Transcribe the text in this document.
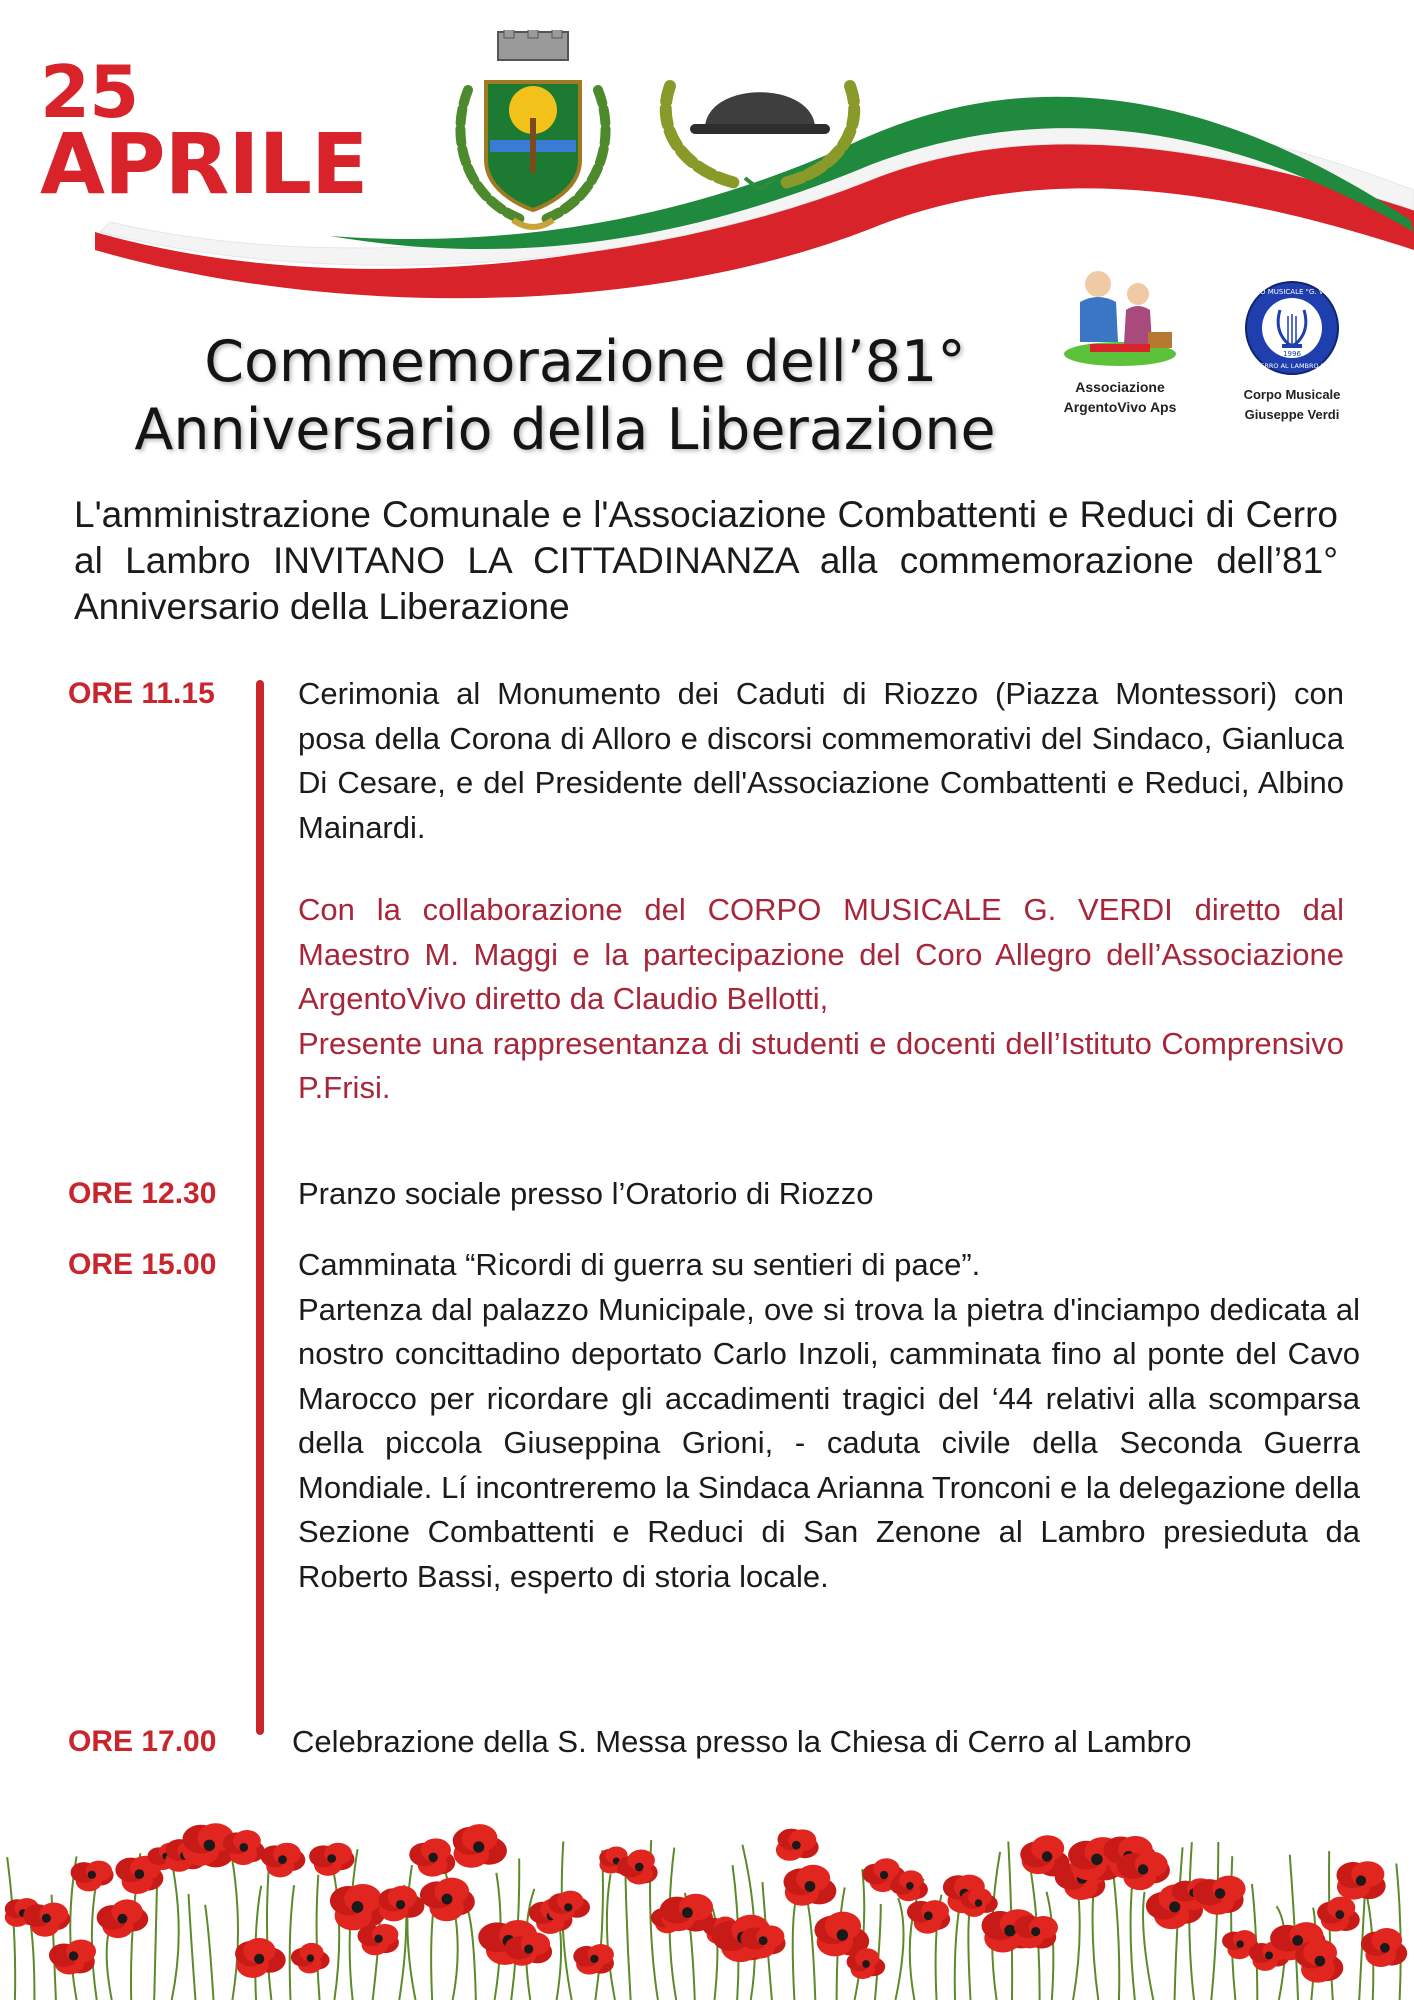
25
APRILE
Associazione
ArgentoVivo Aps
CORPO MUSICALE "G. VERDI"
1996
CERRO AL LAMBRO MI
Corpo Musicale
Giuseppe Verdi
Commemorazione dell’81°
Anniversario della Liberazione

L'amministrazione Comunale e l'Associazione Combattenti e Reduci di Cerro al Lambro INVITANO LA CITTADINANZA alla commemorazione dell’81° Anniversario della Liberazione

ORE 11.15	Cerimonia al Monumento dei Caduti di Riozzo (Piazza Montessori) con posa della Corona di Alloro e discorsi commemorativi del Sindaco, Gianluca Di Cesare, e del Presidente dell'Associazione Combattenti e Reduci, Albino Mainardi.

Con la collaborazione del CORPO MUSICALE G. VERDI diretto dal Maestro M. Maggi e la partecipazione del Coro Allegro dell’Associazione ArgentoVivo diretto da Claudio Bellotti,

Presente una rappresentanza di studenti e docenti dell’Istituto Comprensivo P.Frisi.

ORE 12.30	Pranzo sociale presso l’Oratorio di Riozzo

ORE 15.00	Camminata “Ricordi di guerra su sentieri di pace”.

Partenza dal palazzo Municipale, ove si trova la pietra d'inciampo dedicata al nostro concittadino deportato Carlo Inzoli, camminata fino al ponte del Cavo Marocco per ricordare gli accadimenti tragici del ‘44 relativi alla scomparsa della piccola Giuseppina Grioni, - caduta civile della Seconda Guerra Mondiale. Lí incontreremo la Sindaca Arianna Tronconi e la delegazione della Sezione Combattenti e Reduci di San Zenone al Lambro presieduta da Roberto Bassi, esperto di storia locale.

ORE 17.00	Celebrazione della S. Messa presso la Chiesa di Cerro al Lambro
